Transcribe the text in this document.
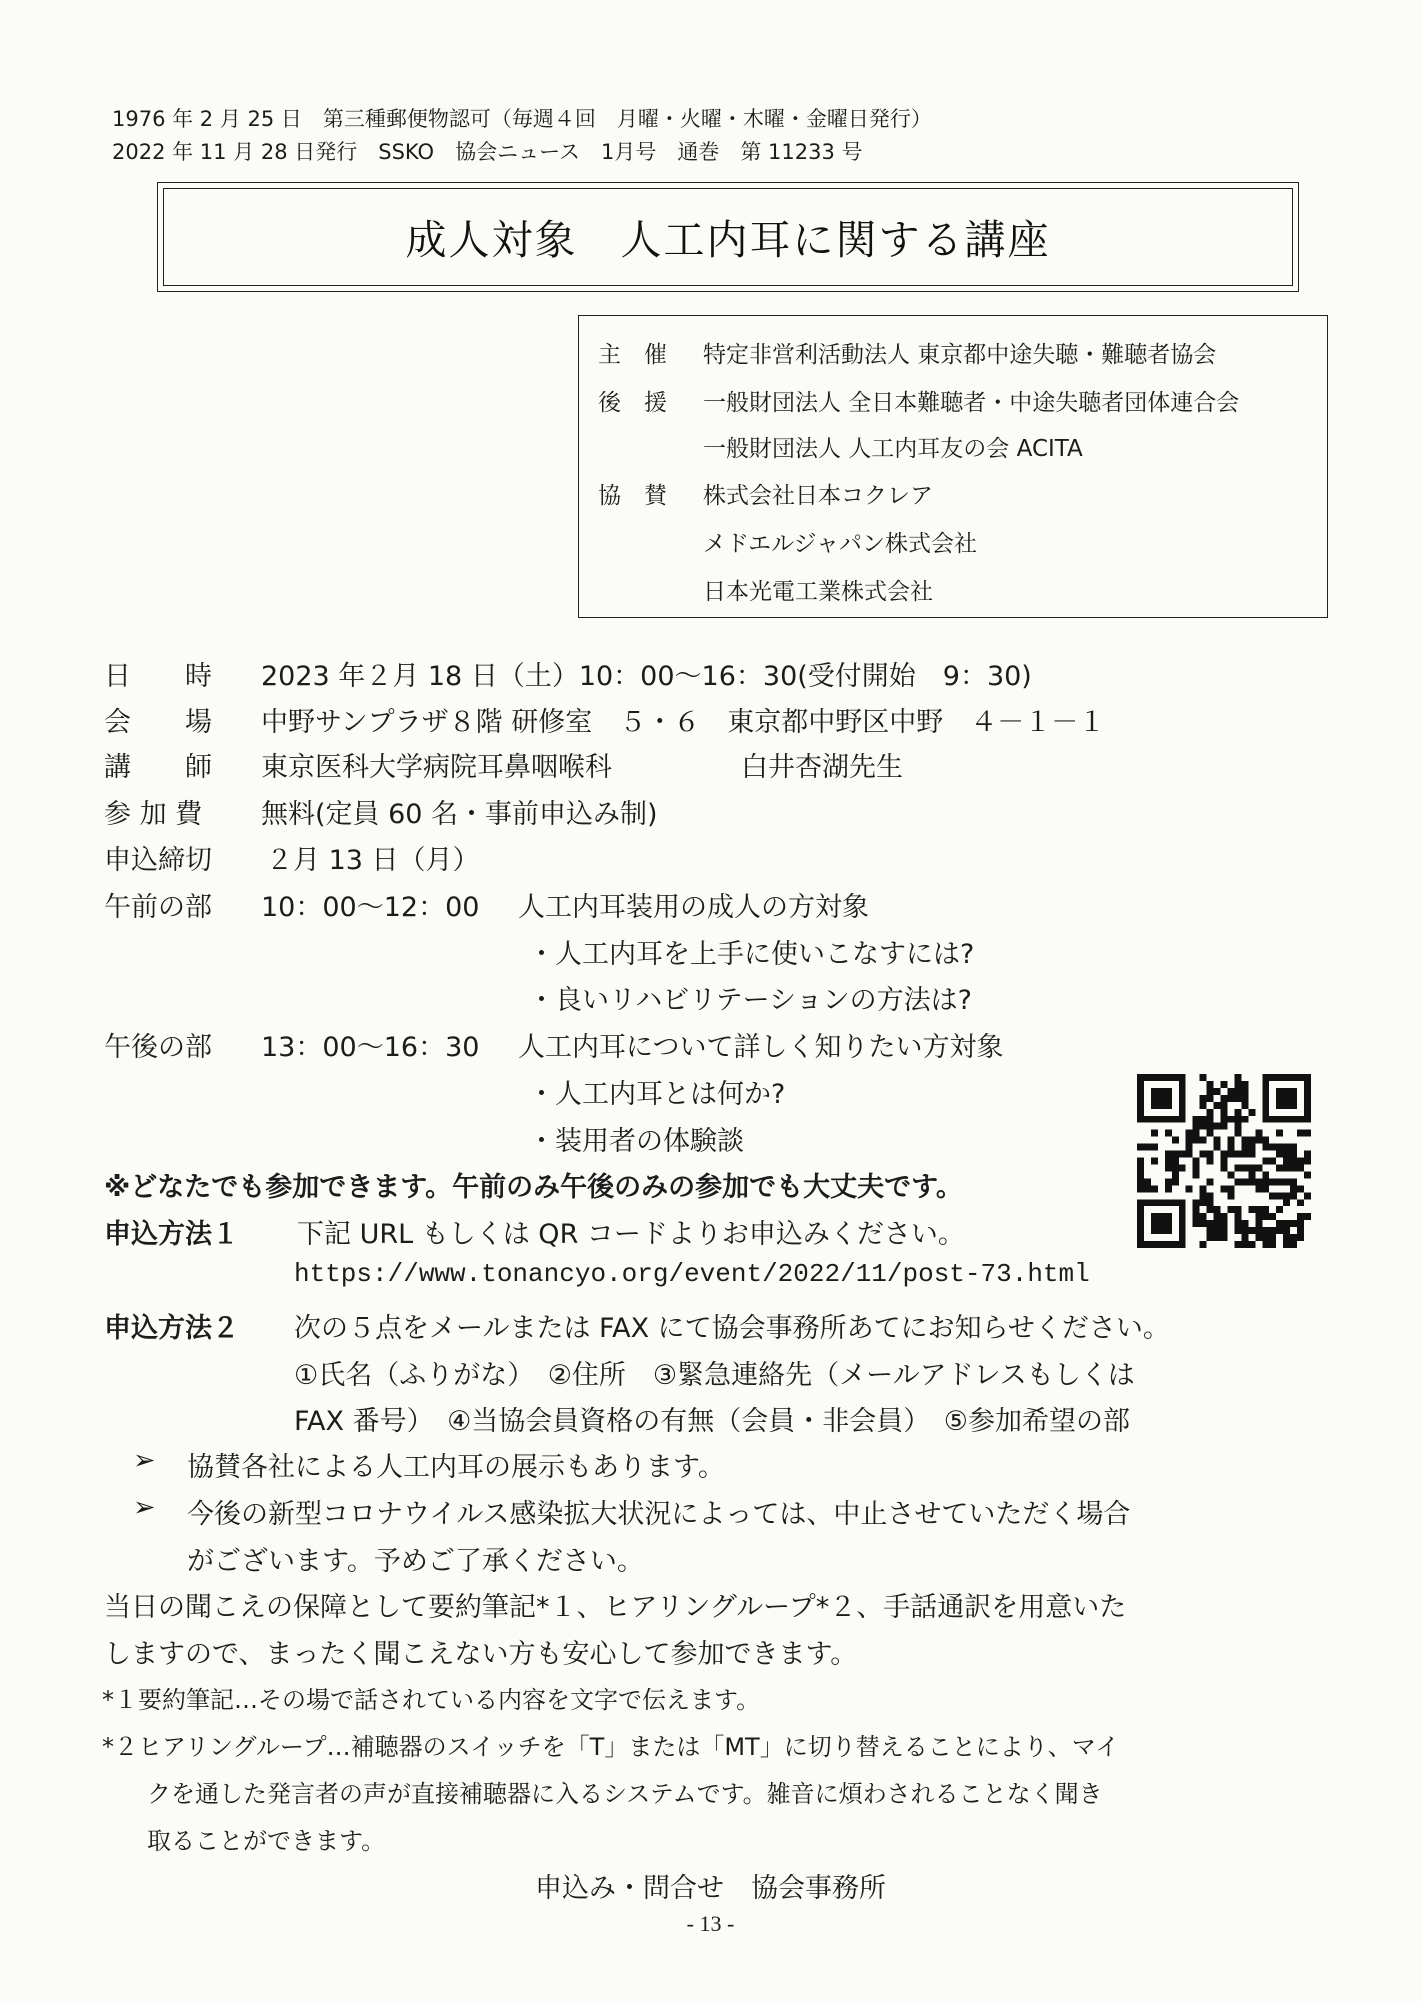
1976 年 2 月 25 日　第三種郵便物認可（毎週４回　月曜・火曜・木曜・金曜日発行）
2022 年 11 月 28 日発行　SSKO　協会ニュース　1月号　通巻　第 11233 号
成人対象　人工内耳に関する講座
主　催 特定非営利活動法人 東京都中途失聴・難聴者協会
後　援 一般財団法人 全日本難聴者・中途失聴者団体連合会
一般財団法人 人工内耳友の会 ACITA
協　賛 株式会社日本コクレア
メドエルジャパン株式会社
日本光電工業株式会社
日　　時 2023 年２月 18 日（土）10：00～16：30(受付開始　9：30)
会　　場 中野サンプラザ８階 研修室　５・６　東京都中野区中野　４－１－１
講　　師 東京医科大学病院耳鼻咽喉科	白井杏湖先生
参 加 費 無料(定員 60 名・事前申込み制)
申込締切 ２月 13 日（月）
午前の部 10：00～12：00 人工内耳装用の成人の方対象
・人工内耳を上手に使いこなすには?
・良いリハビリテーションの方法は?
午後の部 13：00～16：30 人工内耳について詳しく知りたい方対象
・人工内耳とは何か?
・装用者の体験談
※どなたでも参加できます。午前のみ午後のみの参加でも大丈夫です。
申込方法１ 下記 URL もしくは QR コードよりお申込みください。
https://www.tonancyo.org/event/2022/11/post-73.html
申込方法２ 次の５点をメールまたは FAX にて協会事務所あてにお知らせください。
①氏名（ふりがな）　②住所　③緊急連絡先（メールアドレスもしくは
FAX 番号）　④当協会員資格の有無（会員・非会員）　⑤参加希望の部
➢ 協賛各社による人工内耳の展示もあります。
➢ 今後の新型コロナウイルス感染拡大状況によっては、中止させていただく場合
がございます。予めご了承ください。
当日の聞こえの保障として要約筆記*１、ヒアリングループ*２、手話通訳を用意いた
しますので、まったく聞こえない方も安心して参加できます。
*１要約筆記…その場で話されている内容を文字で伝えます。
*２ヒアリングループ…補聴器のスイッチを「T」または「MT」に切り替えることにより、マイ
クを通した発言者の声が直接補聴器に入るシステムです。雑音に煩わされることなく聞き
取ることができます。
申込み・問合せ　協会事務所
- 13 -
